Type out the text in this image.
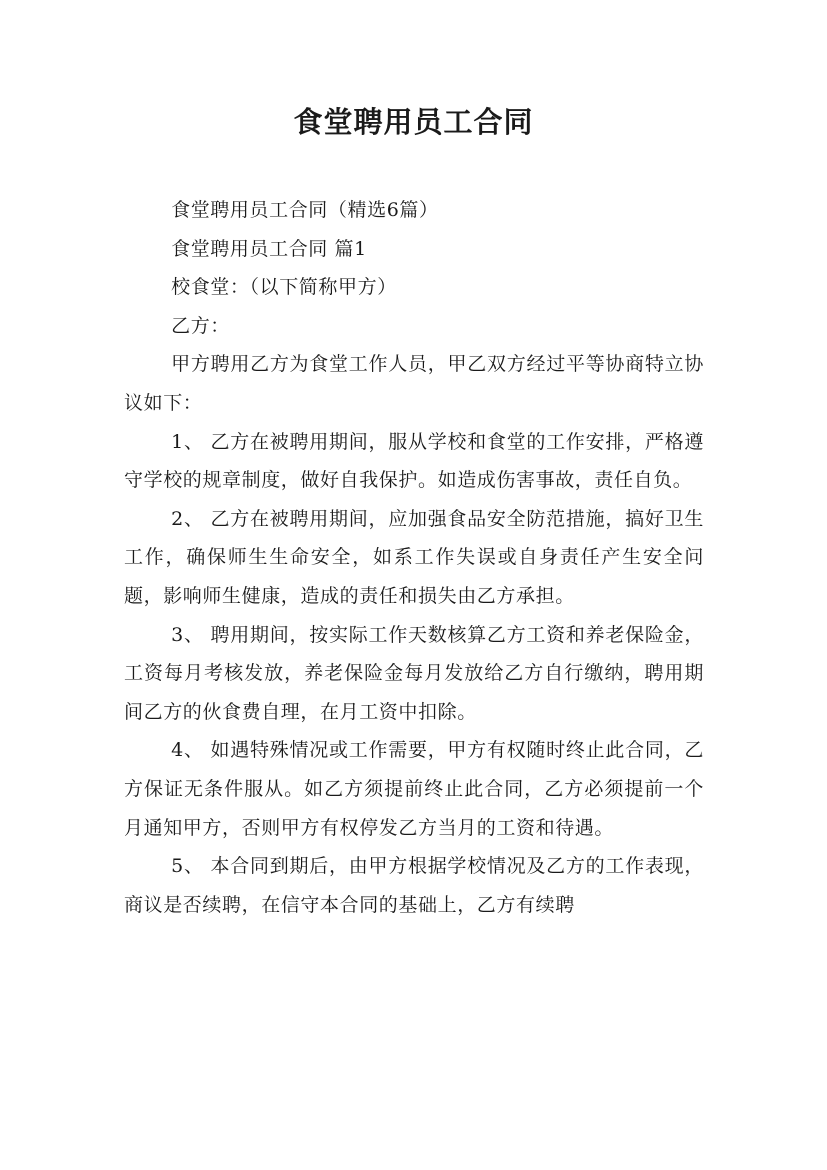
食堂聘用员工合同

食堂聘用员工合同（精选6篇）

食堂聘用员工合同 篇1

校食堂：（以下简称甲方）

乙方：

甲方聘用乙方为食堂工作人员，甲乙双方经过平等协商特立协议如下：

1、 乙方在被聘用期间，服从学校和食堂的工作安排，严格遵守学校的规章制度，做好自我保护。如造成伤害事故，责任自负。

2、 乙方在被聘用期间，应加强食品安全防范措施，搞好卫生工作，确保师生生命安全，如系工作失误或自身责任产生安全问题，影响师生健康，造成的责任和损失由乙方承担。

3、 聘用期间，按实际工作天数核算乙方工资和养老保险金，工资每月考核发放，养老保险金每月发放给乙方自行缴纳，聘用期间乙方的伙食费自理，在月工资中扣除。

4、 如遇特殊情况或工作需要，甲方有权随时终止此合同，乙方保证无条件服从。如乙方须提前终止此合同，乙方必须提前一个月通知甲方，否则甲方有权停发乙方当月的工资和待遇。

5、 本合同到期后，由甲方根据学校情况及乙方的工作表现，商议是否续聘，在信守本合同的基础上，乙方有续聘
